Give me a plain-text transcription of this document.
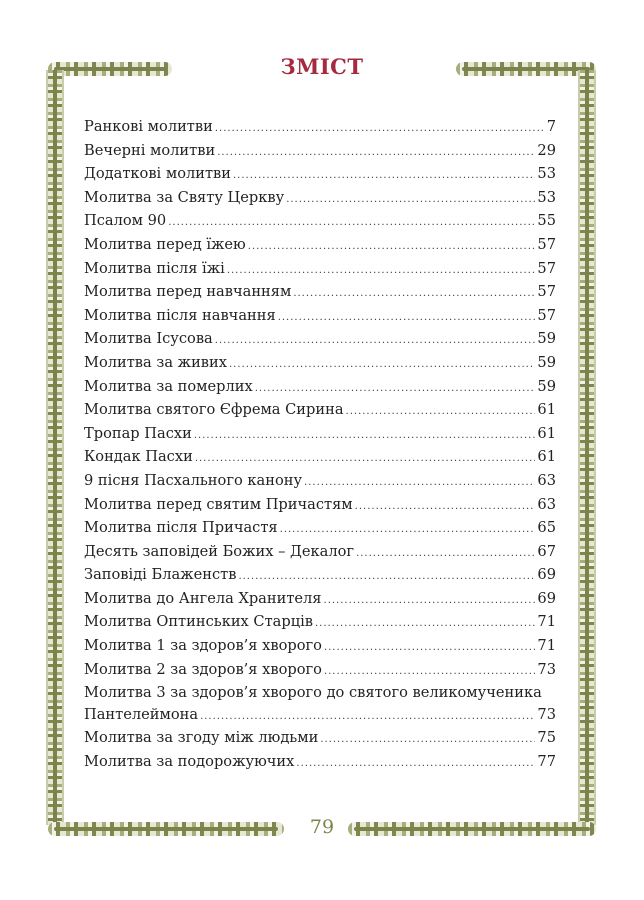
ЗМІСТ
Ранкові молитви .....	7
Вечерні молитви .....	29
Додаткові молитви .....	53
Молитва за Святу Церкву .....	53
Псалом 90 .....	55
Молитва перед їжею .....	57
Молитва після їжі .....	57
Молитва перед навчанням .....	57
Молитва після навчання .....	57
Молитва Ісусова .....	59
Молитва за живих .....	59
Молитва за померлих .....	59
Молитва святого Єфрема Сирина .....	61
Тропар Пасхи .....	61
Кондак Пасхи .....	61
9 пісня Пасхального канону .....	63
Молитва перед святим Причастям .....	63
Молитва після Причастя .....	65
Десять заповідей Божих – Декалог .....	67
Заповіді Блаженств .....	69
Молитва до Ангела Хранителя .....	69
Молитва Оптинських Старців .....	71
Молитва 1 за здоров’я хворого .....	71
Молитва 2 за здоров’я хворого .....	73
Молитва 3 за здоров’я хворого до святого великомученика
Пантелеймона .....	73
Молитва за згоду між людьми .....	75
Молитва за подорожуючих .....	77
79
